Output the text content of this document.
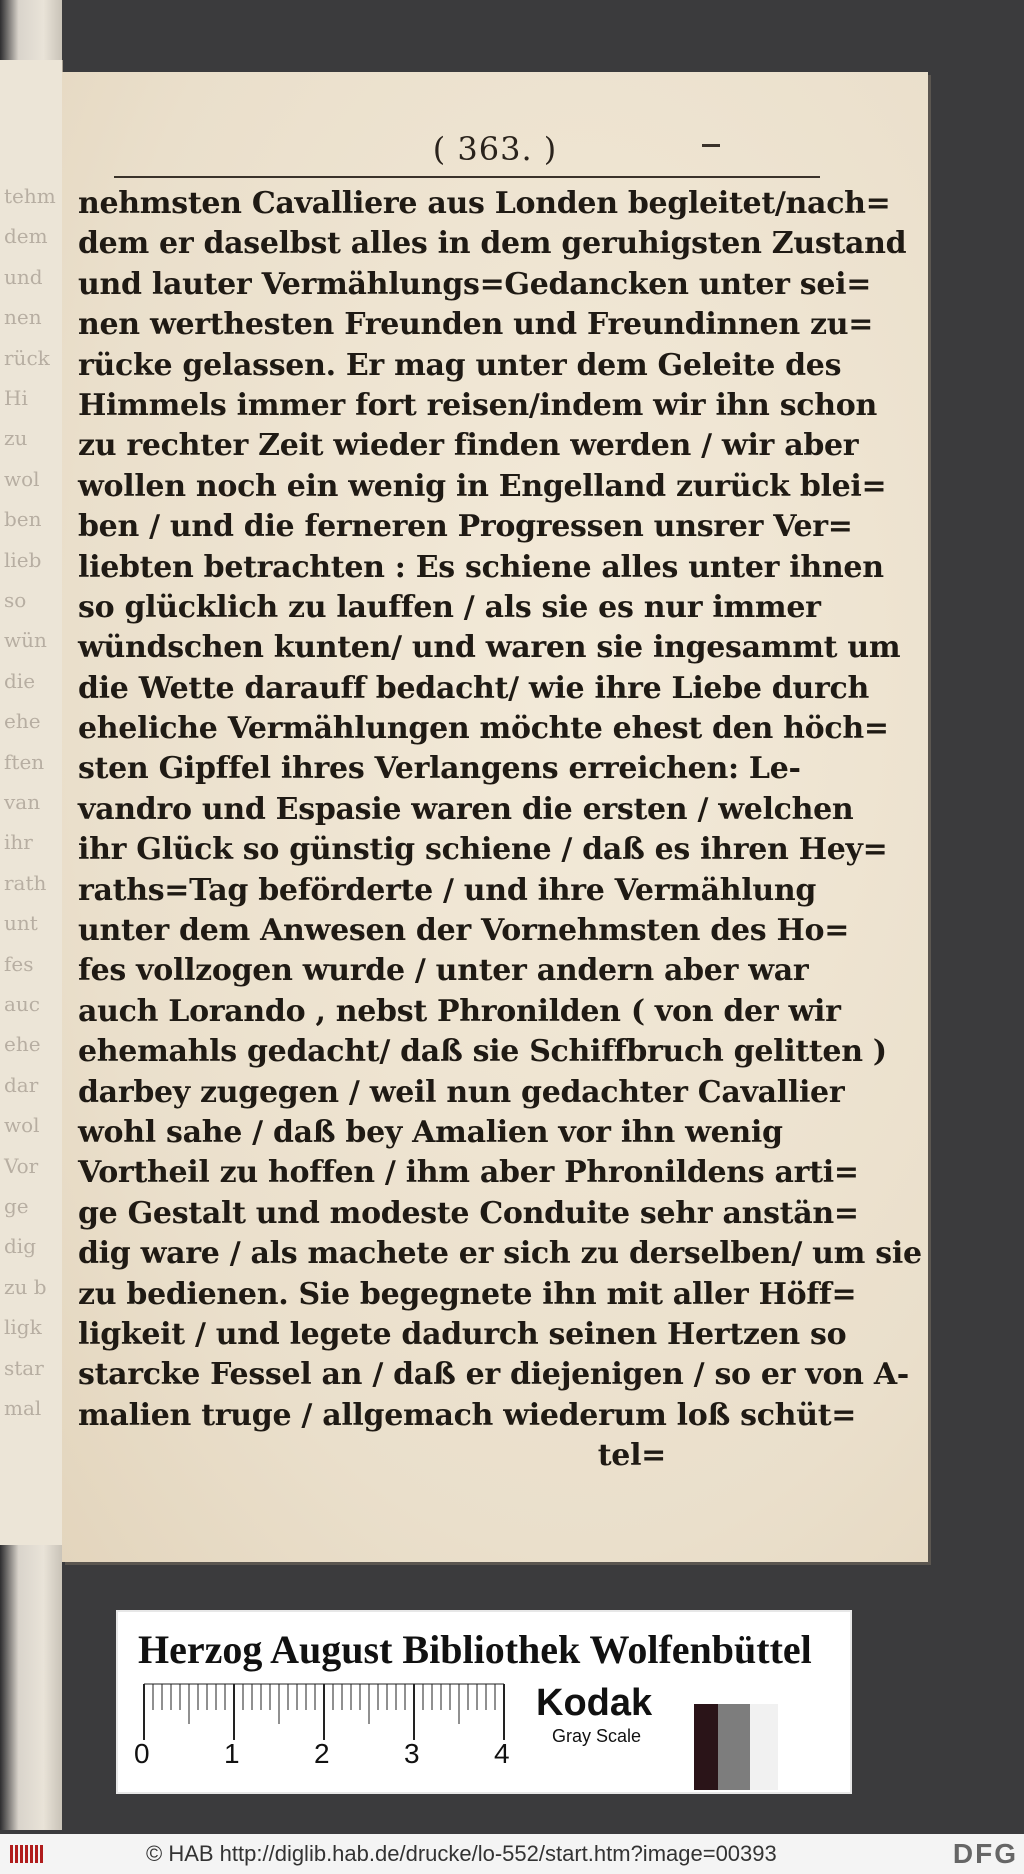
tehm
dem
und
nen
rück
Hi
zu
wol
ben
lieb
so
wün
die
ehe
ften
van
ihr
rath
unt
fes
auc
ehe
dar
wol
Vor
ge
dig
zu b
ligk
star
mal
( 363. )
nehmsten Cavalliere aus Londen begleitet/nach=
dem er daselbst alles in dem geruhigsten Zustand
und lauter Vermählungs=Gedancken unter sei=
nen werthesten Freunden und Freundinnen zu=
rücke gelassen. Er mag unter dem Geleite des
Himmels immer fort reisen/indem wir ihn schon
zu rechter Zeit wieder finden werden / wir aber
wollen noch ein wenig in Engelland zurück blei=
ben / und die ferneren Progressen unsrer Ver=
liebten betrachten : Es schiene alles unter ihnen
so glücklich zu lauffen / als sie es nur immer
wündschen kunten/ und waren sie ingesammt um
die Wette darauff bedacht/ wie ihre Liebe durch
eheliche Vermählungen möchte ehest den höch=
sten Gipffel ihres Verlangens erreichen: Le-
vandro und Espasie waren die ersten / welchen
ihr Glück so günstig schiene / daß es ihren Hey=
raths=Tag beförderte / und ihre Vermählung
unter dem Anwesen der Vornehmsten des Ho=
fes vollzogen wurde / unter andern aber war
auch Lorando , nebst Phronilden ( von der wir
ehemahls gedacht/ daß sie Schiffbruch gelitten )
darbey zugegen / weil nun gedachter Cavallier
wohl sahe / daß bey Amalien vor ihn wenig
Vortheil zu hoffen / ihm aber Phronildens arti=
ge Gestalt und modeste Conduite sehr anstän=
dig ware / als machete er sich zu derselben/ um sie
zu bedienen. Sie begegnete ihn mit aller Höff=
ligkeit / und legete dadurch seinen Hertzen so
starcke Fessel an / daß er diejenigen / so er von A-
malien truge / allgemach wiederum loß schüt=
tel=
Herzog August Bibliothek Wolfenbüttel
0	1	2	3	4
Kodak
Gray Scale
© HAB http://diglib.hab.de/drucke/lo-552/start.htm?image=00393	DFG
